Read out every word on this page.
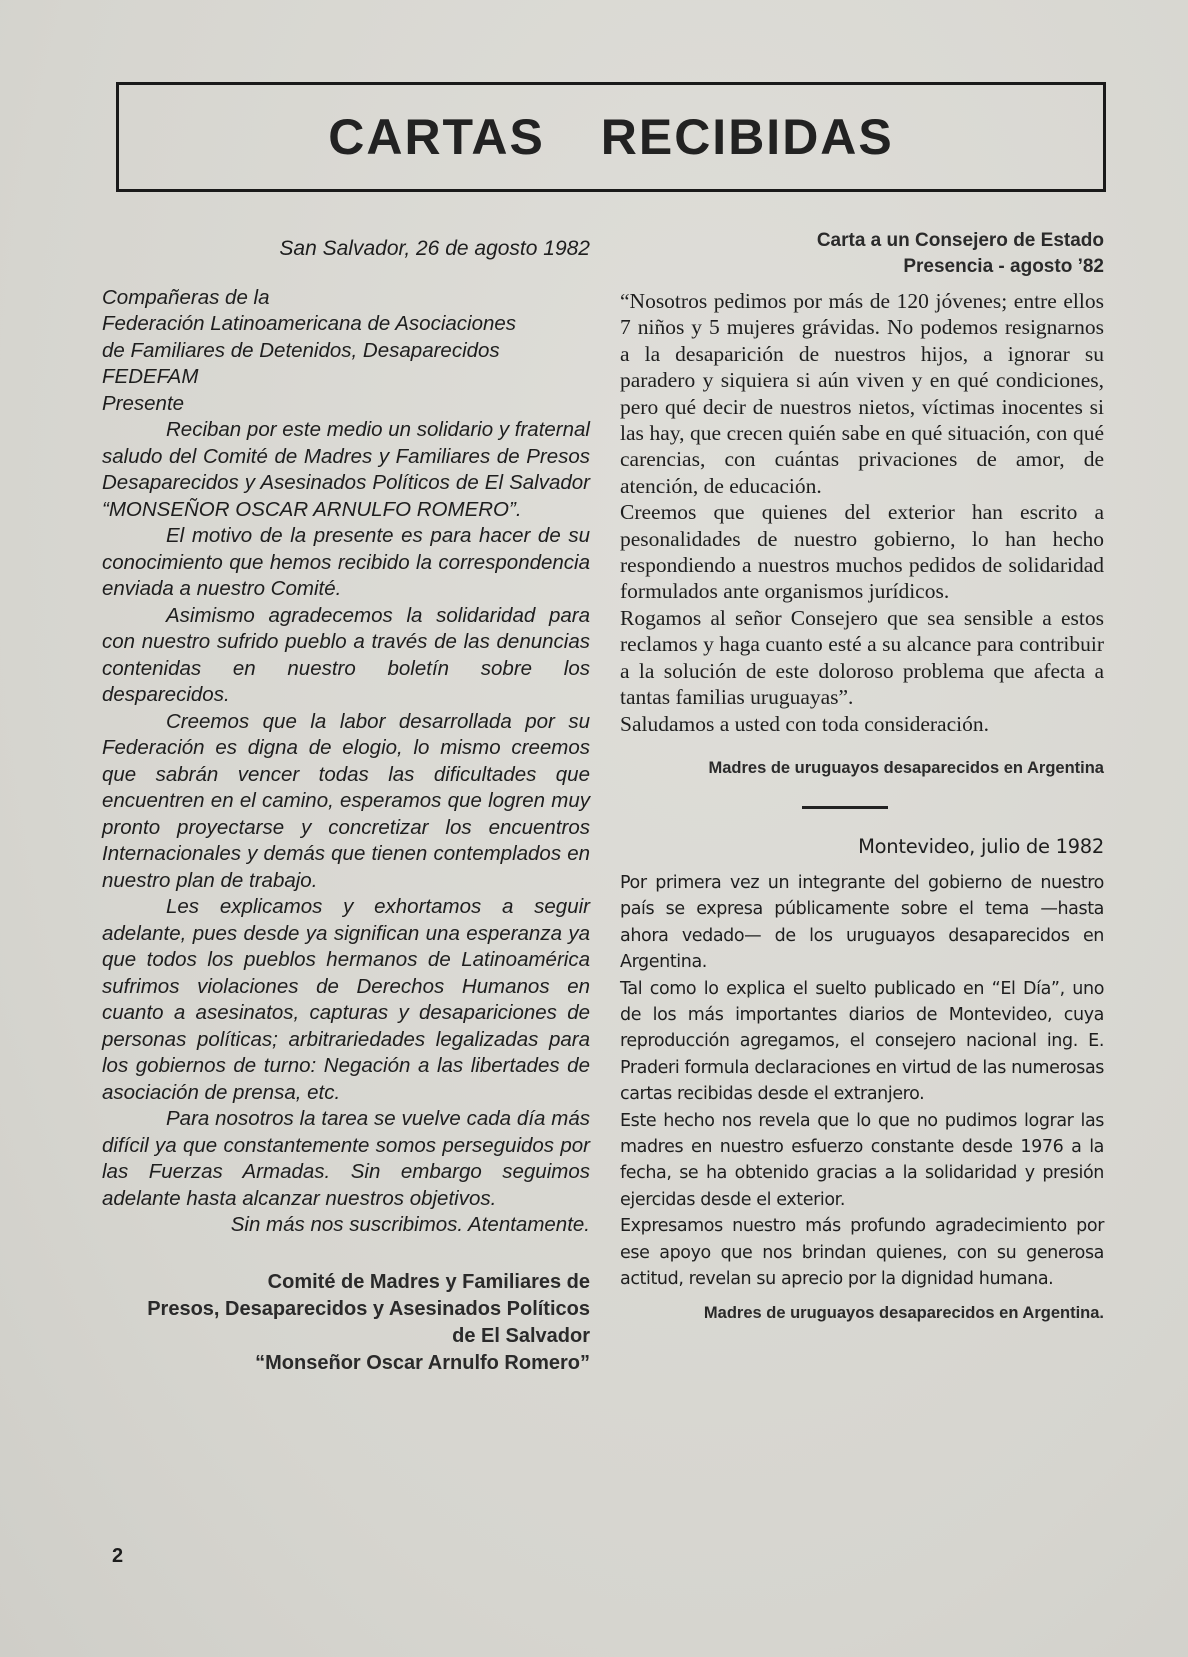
CARTAS RECIBIDAS

San Salvador, 26 de agosto 1982

Compañeras de la

Federación Latinoamericana de Asociaciones

de Familiares de Detenidos, Desaparecidos

FEDEFAM

Presente

Reciban por este medio un solidario y fraternal saludo del Comité de Madres y Familiares de Presos Desaparecidos y Asesinados Políticos de El Salvador “MONSEÑOR OSCAR ARNULFO ROMERO”.

El motivo de la presente es para hacer de su conocimiento que hemos recibido la correspondencia enviada a nuestro Comité.

Asimismo agradecemos la solidaridad para con nuestro sufrido pueblo a través de las denuncias contenidas en nuestro boletín sobre los desparecidos.

Creemos que la labor desarrollada por su Federación es digna de elogio, lo mismo creemos que sabrán vencer todas las dificultades que encuentren en el camino, esperamos que logren muy pronto proyectarse y concretizar los encuentros Internacionales y demás que tienen contemplados en nuestro plan de trabajo.

Les explicamos y exhortamos a seguir adelante, pues desde ya significan una esperanza ya que todos los pueblos hermanos de Latinoamérica sufrimos violaciones de Derechos Humanos en cuanto a asesinatos, capturas y desapariciones de personas políticas; arbitrariedades legalizadas para los gobiernos de turno: Negación a las libertades de asociación de prensa, etc.

Para nosotros la tarea se vuelve cada día más difícil ya que constantemente somos perseguidos por las Fuerzas Armadas. Sin embargo seguimos adelante hasta alcanzar nuestros objetivos.

Sin más nos suscribimos. Atentamente.

Comité de Madres y Familiares de
Presos, Desaparecidos y Asesinados Políticos
de El Salvador
“Monseñor Oscar Arnulfo Romero”
Carta a un Consejero de Estado
Presencia - agosto ’82

“Nosotros pedimos por más de 120 jóvenes; entre ellos 7 niños y 5 mujeres grávidas. No podemos resignarnos a la desaparición de nuestros hijos, a ignorar su paradero y siquiera si aún viven y en qué condiciones, pero qué decir de nuestros nietos, víctimas inocentes si las hay, que crecen quién sabe en qué situación, con qué carencias, con cuántas privaciones de amor, de atención, de educación.

Creemos que quienes del exterior han escrito a pesonalidades de nuestro gobierno, lo han hecho respondiendo a nuestros muchos pedidos de solidaridad formulados ante organismos jurídicos.

Rogamos al señor Consejero que sea sensible a estos reclamos y haga cuanto esté a su alcance para contribuir a la solución de este doloroso problema que afecta a tantas familias uruguayas”.

Saludamos a usted con toda consideración.

Madres de uruguayos desaparecidos en Argentina

Montevideo, julio de 1982

Por primera vez un integrante del gobierno de nuestro país se expresa públicamente sobre el tema —hasta ahora vedado— de los uruguayos desaparecidos en Argentina.

Tal como lo explica el suelto publicado en “El Día”, uno de los más importantes diarios de Montevideo, cuya reproducción agregamos, el consejero nacional ing. E. Praderi formula declaraciones en virtud de las numerosas cartas recibidas desde el extranjero.

Este hecho nos revela que lo que no pudimos lograr las madres en nuestro esfuerzo constante desde 1976 a la fecha, se ha obtenido gracias a la solidaridad y presión ejercidas desde el exterior.

Expresamos nuestro más profundo agradecimiento por ese apoyo que nos brindan quienes, con su generosa actitud, revelan su aprecio por la dignidad humana.

Madres de uruguayos desaparecidos en Argentina.

2
